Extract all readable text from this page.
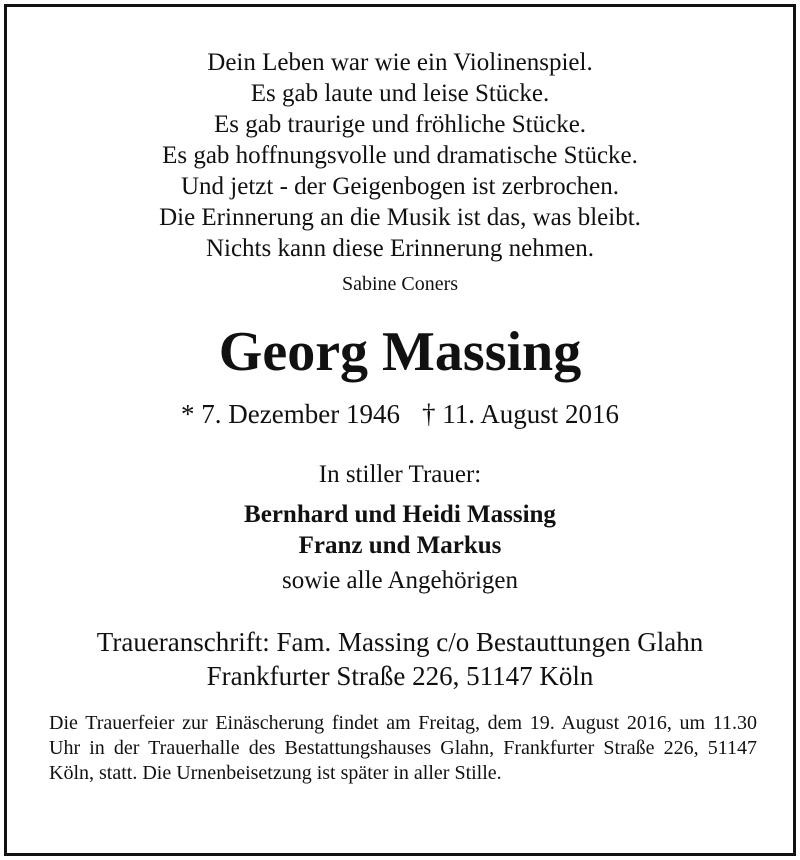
Dein Leben war wie ein Violinenspiel.
Es gab laute und leise Stücke.
Es gab traurige und fröhliche Stücke.
Es gab hoffnungsvolle und dramatische Stücke.
Und jetzt - der Geigenbogen ist zerbrochen.
Die Erinnerung an die Musik ist das, was bleibt.
Nichts kann diese Erinnerung nehmen.
Sabine Coners
Georg Massing
* 7. Dezember 1946 † 11. August 2016
In stiller Trauer:
Bernhard und Heidi Massing
Franz und Markus
sowie alle Angehörigen
Traueranschrift: Fam. Massing c/o Bestauttungen Glahn
Frankfurter Straße 226, 51147 Köln
Die Trauerfeier zur Einäscherung findet am Freitag, dem 19. August 2016, um 11.30 Uhr in der Trauerhalle des Bestattungshauses Glahn, Frankfurter Straße 226, 51147 Köln, statt. Die Urnenbeisetzung ist später in aller Stille.
